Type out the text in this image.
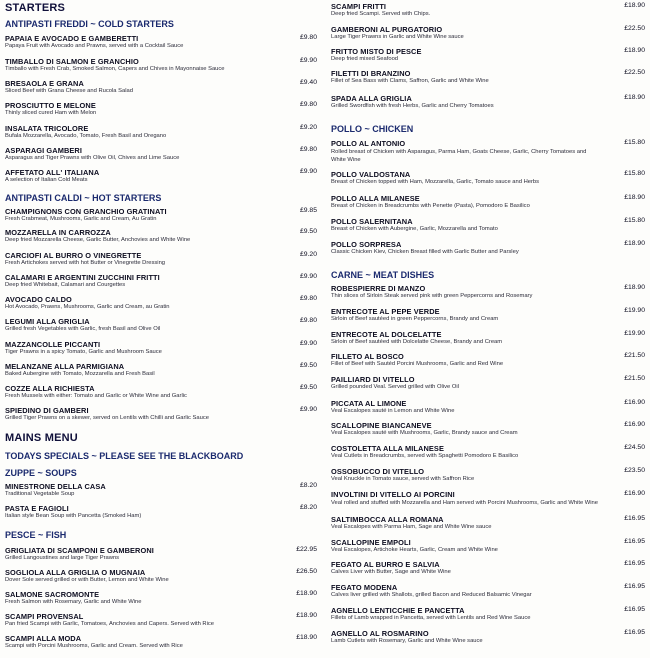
STARTERS
ANTIPASTI FREDDI ~ COLD STARTERS
PAPAIA E AVOCADO E GAMBERETTI	£9.80
Papaya Fruit with Avocado and Prawns, served with a Cocktail Sauce
TIMBALLO DI SALMON E GRANCHIO	£9.90
Timballo with Fresh Crab, Smoked Salmon, Capers and Chives in Mayonnaise Sauce
BRESAOLA E GRANA	£9.40
Sliced Beef with Grana Cheese and Rucola Salad
PROSCIUTTO E MELONE	£9.80
Thinly sliced cured Ham with Melon
INSALATA TRICOLORE	£9.20
Bufala Mozzarella, Avocado, Tomato, Fresh Basil and Oregano
ASPARAGI GAMBERI	£9.80
Asparagus and Tiger Prawns with Olive Oil, Chives and Lime Sauce
AFFETATO ALL' ITALIANA	£9.90
A selection of Italian Cold Meats
ANTIPASTI CALDI ~ HOT STARTERS
CHAMPIGNONS CON GRANCHIO GRATINATI	£9.85
Fresh Crabmeat, Mushrooms, Garlic and Cream, Au Gratin
MOZZARELLA IN CARROZZA	£9.50
Deep fried Mozzarella Cheese, Garlic Butter, Anchovies and White Wine
CARCIOFI AL BURRO O VINEGRETTE	£9.20
Fresh Artichokes served with hot Butter or Vinegrette Dressing
CALAMARI E ARGENTINI ZUCCHINI FRITTI	£9.90
Deep fried Whitebait, Calamari and Courgettes
AVOCADO CALDO	£9.80
Hot Avocado, Prawns, Mushrooms, Garlic and Cream, au Gratin
LEGUMI ALLA GRIGLIA	£9.80
Grilled fresh Vegetables with Garlic, fresh Basil and Olive Oil
MAZZANCOLLE PICCANTI	£9.90
Tiger Prawns in a spicy Tomato, Garlic and Mushroom Sauce
MELANZANE ALLA PARMIGIANA	£9.50
Baked Aubergine with Tomato, Mozzarella and Fresh Basil
COZZE ALLA RICHIESTA	£9.50
Fresh Mussels with either: Tomato and Garlic or White Wine and Garlic
SPIEDINO DI GAMBERI	£9.90
Grilled Tiger Prawns on a skewer, served on Lentils with Chilli and Garlic Sauce
MAINS MENU
TODAYS SPECIALS ~ PLEASE SEE THE BLACKBOARD
ZUPPE ~ SOUPS
MINESTRONE DELLA CASA	£8.20
Traditional Vegetable Soup
PASTA E FAGIOLI	£8.20
Italian style Bean Soup with Pancetta (Smoked Ham)
PESCE ~ FISH
GRIGLIATA DI SCAMPONI E GAMBERONI	£22.95
Grilled Langoustines and large Tiger Prawns
SOGLIOLA ALLA GRIGLIA O MUGNAIA	£26.50
Dover Sole served grilled or with Butter, Lemon and White Wine
SALMONE SACROMONTE	£18.90
Fresh Salmon with Rosemary, Garlic and White Wine
SCAMPI PROVENSAL	£18.90
Pan fried Scampi with Garlic, Tomatoes, Anchovies and Capers. Served with Rice
SCAMPI ALLA MODA	£18.90
Scampi with Porcini Mushrooms, Garlic and Cream. Served with Rice
SCAMPI FRITTI	£18.90
Deep fried Scampi. Served with Chips.
GAMBERONI AL PURGATORIO	£22.50
Large Tiger Prawns in Garlic and White Wine sauce
FRITTO MISTO DI PESCE	£18.90
Deep fried mixed Seafood
FILETTI DI BRANZINO	£22.50
Fillet of Sea Bass with Clams, Saffron, Garlic and White Wine
SPADA ALLA GRIGLIA	£18.90
Grilled Swordfish with fresh Herbs, Garlic and Cherry Tomatoes
POLLO ~ CHICKEN
POLLO AL ANTONIO	£15.80
Rolled breast of Chicken with Asparagus, Parma Ham, Goats Cheese, Garlic, Cherry Tomatoes and White Wine
POLLO VALDOSTANA	£15.80
Breast of Chicken topped with Ham, Mozzarella, Garlic, Tomato sauce and Herbs
POLLO ALLA MILANESE	£18.90
Breast of Chicken in Breadcrumbs with Penette (Pasta), Pomodoro E Basilico
POLLO SALERNITANA	£15.80
Breast of Chicken with Aubergine, Garlic, Mozzarella and Tomato
POLLO SORPRESA	£18.90
Classic Chicken Kiev, Chicken Breast filled with Garlic Butter and Parsley
CARNE ~ MEAT DISHES
ROBESPIERRE DI MANZO	£18.90
Thin slices of Sirloin Steak served pink with green Peppercorns and Rosemary
ENTRECOTE AL PEPE VERDE	£19.90
Sirloin of Beef sautéed in green Peppercorns, Brandy and Cream
ENTRECOTE AL DOLCELATTE	£19.90
Sirloin of Beef sautéed with Dolcelatte Cheese, Brandy and Cream
FILLETO AL BOSCO	£21.50
Fillet of Beef with Sautéd Porcini Mushrooms, Garlic and Red Wine
PAILLIARD DI VITELLO	£21.50
Grilled pounded Veal. Served grilled with Olive Oil
PICCATA AL LIMONE	£16.90
Veal Escalopes sauté in Lemon and White Wine
SCALLOPINE BIANCANEVE	£16.90
Veal Escalopes sauté with Mushrooms, Garlic, Brandy sauce and Cream
COSTOLETTA ALLA MILANESE	£24.50
Veal Cutlets in Breadcrumbs, served with Spaghetti Pomodoro E Basilico
OSSOBUCCO DI VITELLO	£23.50
Veal Knuckle in Tomato sauce, served with Saffron Rice
INVOLTINI DI VITELLO AI PORCINI	£16.90
Veal rolled and stuffed with Mozzarella and Ham served with Porcini Mushrooms, Garlic and White Wine
SALTIMBOCCA ALLA ROMANA	£16.95
Veal Escalopes with Parma Ham, Sage and White Wine sauce
SCALLOPINE EMPOLI	£16.95
Veal Escalopes, Artichoke Hearts, Garlic, Cream and White Wine
FEGATO AL BURRO E SALVIA	£16.95
Calves Liver with Butter, Sage and White Wine
FEGATO MODENA	£16.95
Calves liver grilled with Shallots, grilled Bacon and Reduced Balsamic Vinegar
AGNELLO LENTICCHIE E PANCETTA	£16.95
Fillets of Lamb wrapped in Pancetta, served with Lentils and Red Wine Sauce
AGNELLO AL ROSMARINO	£16.95
Lamb Cutlets with Rosemary, Garlic and White Wine sauce
